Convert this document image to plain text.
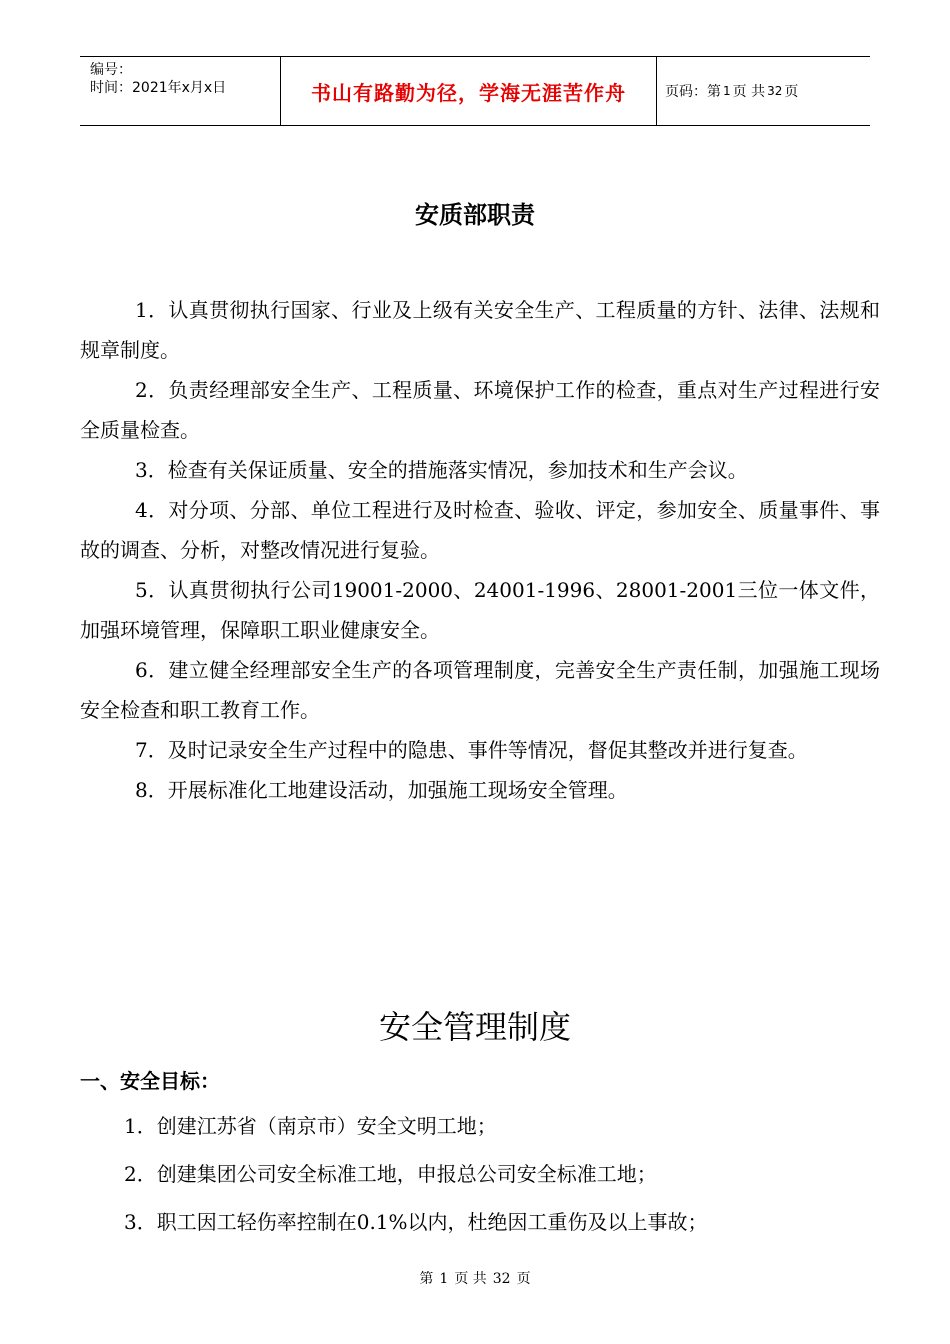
编号：
时间：2021年x月x日	书山有路勤为径，学海无涯苦作舟	页码：第 1 页 共 32 页
安质部职责

1．认真贯彻执行国家、行业及上级有关安全生产、工程质量的方针、法律、法规和规章制度。

2．负责经理部安全生产、工程质量、环境保护工作的检查，重点对生产过程进行安全质量检查。

3．检查有关保证质量、安全的措施落实情况，参加技术和生产会议。

4．对分项、分部、单位工程进行及时检查、验收、评定，参加安全、质量事件、事故的调查、分析，对整改情况进行复验。

5．认真贯彻执行公司19001-2000、24001-1996、28001-2001三位一体文件，加强环境管理，保障职工职业健康安全。

6．建立健全经理部安全生产的各项管理制度，完善安全生产责任制，加强施工现场安全检查和职工教育工作。

7．及时记录安全生产过程中的隐患、事件等情况，督促其整改并进行复查。

8．开展标准化工地建设活动，加强施工现场安全管理。

安全管理制度
一、安全目标：
1．创建江苏省（南京市）安全文明工地；
2．创建集团公司安全标准工地，申报总公司安全标准工地；
3．职工因工轻伤率控制在0.1%以内，杜绝因工重伤及以上事故；
第 1 页 共 32 页
